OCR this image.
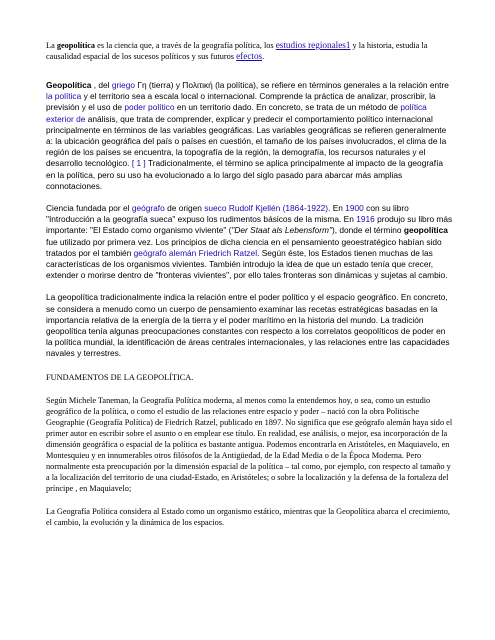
La geopolítica es la ciencia que, a través de la geografía política, los estudios regionales1 y la historia, estudia la causalidad espacial de los sucesos políticos y sus futuros efectos.

Geopolítica , del griego Γη (tierra) y Πολιτική (la política), se refiere en términos generales a la relación entre la política y el territorio sea a escala local o internacional. Comprende la práctica de analizar, proscribir, la previsión y el uso de poder político en un territorio dado. En concreto, se trata de un método de política exterior de análisis, que trata de comprender, explicar y predecir el comportamiento político internacional principalmente en términos de las variables geográficas. Las variables geográficas se refieren generalmente a: la ubicación geográfica del país o países en cuestión, el tamaño de los países involucrados, el clima de la región de los países se encuentra, la topografía de la región, la demografía, los recursos naturales y el desarrollo tecnológico. [ 1 ] Tradicionalmente, el término se aplica principalmente al impacto de la geografía en la política, pero su uso ha evolucionado a lo largo del siglo pasado para abarcar más amplias connotaciones.

Ciencia fundada por el geógrafo de origen sueco Rudolf Kjellén (1864-1922). En 1900 con su libro "Introducción a la geografía sueca" expuso los rudimentos básicos de la misma. En 1916 produjo su libro más importante: "El Estado como organismo viviente" ("Der Staat als Lebensform"), donde el término geopolítica fue utilizado por primera vez. Los principios de dicha ciencia en el pensamiento geoestratégico habían sido tratados por el también geógrafo alemán Friedrich Ratzel. Según éste, los Estados tienen muchas de las características de los organismos vivientes. También introdujo la idea de que un estado tenía que crecer, extender o morirse dentro de "fronteras vivientes", por ello tales fronteras son dinámicas y sujetas al cambio.

La geopolítica tradicionalmente indica la relación entre el poder político y el espacio geográfico. En concreto, se considera a menudo como un cuerpo de pensamiento examinar las recetas estratégicas basadas en la importancia relativa de la energía de la tierra y el poder marítimo en la historia del mundo. La tradición geopolítica tenía algunas preocupaciones constantes con respecto a los correlatos geopolíticos de poder en la política mundial, la identificación de áreas centrales internacionales, y las relaciones entre las capacidades navales y terrestres.

FUNDAMENTOS DE LA GEOPOLÍTICA.

Según Michele Taneman, la Geografía Política moderna, al menos como la entendemos hoy, o sea, como un estudio geográfico de la política, o como el estudio de las relaciones entre espacio y poder – nació con la obra Politische Geographie (Geografía Política) de Fiedrich Ratzel, publicado en 1897. No significa que ese geógrafo alemán haya sido el primer autor en escribir sobre el asunto o en emplear ese título. En realidad, ese análisis, o mejor, esa incorporación de la dimensión geográfica o espacial de la política es bastante antigua. Podemos encontrarla en Aristóteles, en Maquiavelo, en Montesquieu y en innumerables otros filósofos de la Antigüedad, de la Edad Media o de la Época Moderna. Pero normalmente esta preocupación por la dimensión espacial de la política – tal como, por ejemplo, con respecto al tamaño y a la localización del territorio de una ciudad-Estado, en Aristóteles; o sobre la localización y la defensa de la fortaleza del príncipe , en Maquiavelo;

La Geografía Política considera al Estado como un organismo estático, mientras que la Geopolítica abarca el crecimiento, el cambio, la evolución y la dinámica de los espacios.
